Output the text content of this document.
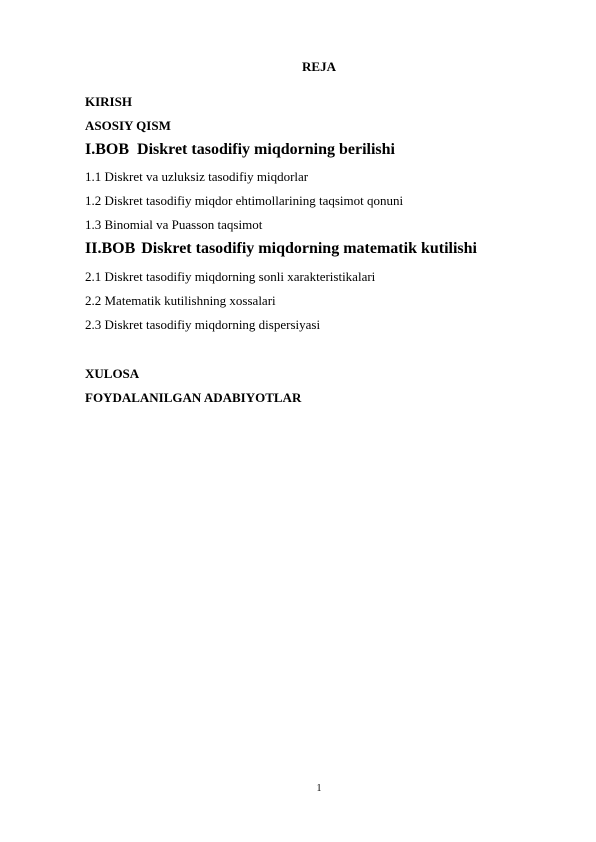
REJA
KIRISH
ASOSIY QISM
I.BOB Diskret tasodifiy miqdorning berilishi
1.1 Diskret va uzluksiz tasodifiy miqdorlar
1.2 Diskret tasodifiy miqdor ehtimollarining taqsimot qonuni
1.3 Binomial va Puasson taqsimot
II.BOB Diskret tasodifiy miqdorning matematik kutilishi
2.1 Diskret tasodifiy miqdorning sonli xarakteristikalari
2.2 Matematik kutilishning xossalari
2.3 Diskret tasodifiy miqdorning dispersiyasi
XULOSA
FOYDALANILGAN ADABIYOTLAR
1
